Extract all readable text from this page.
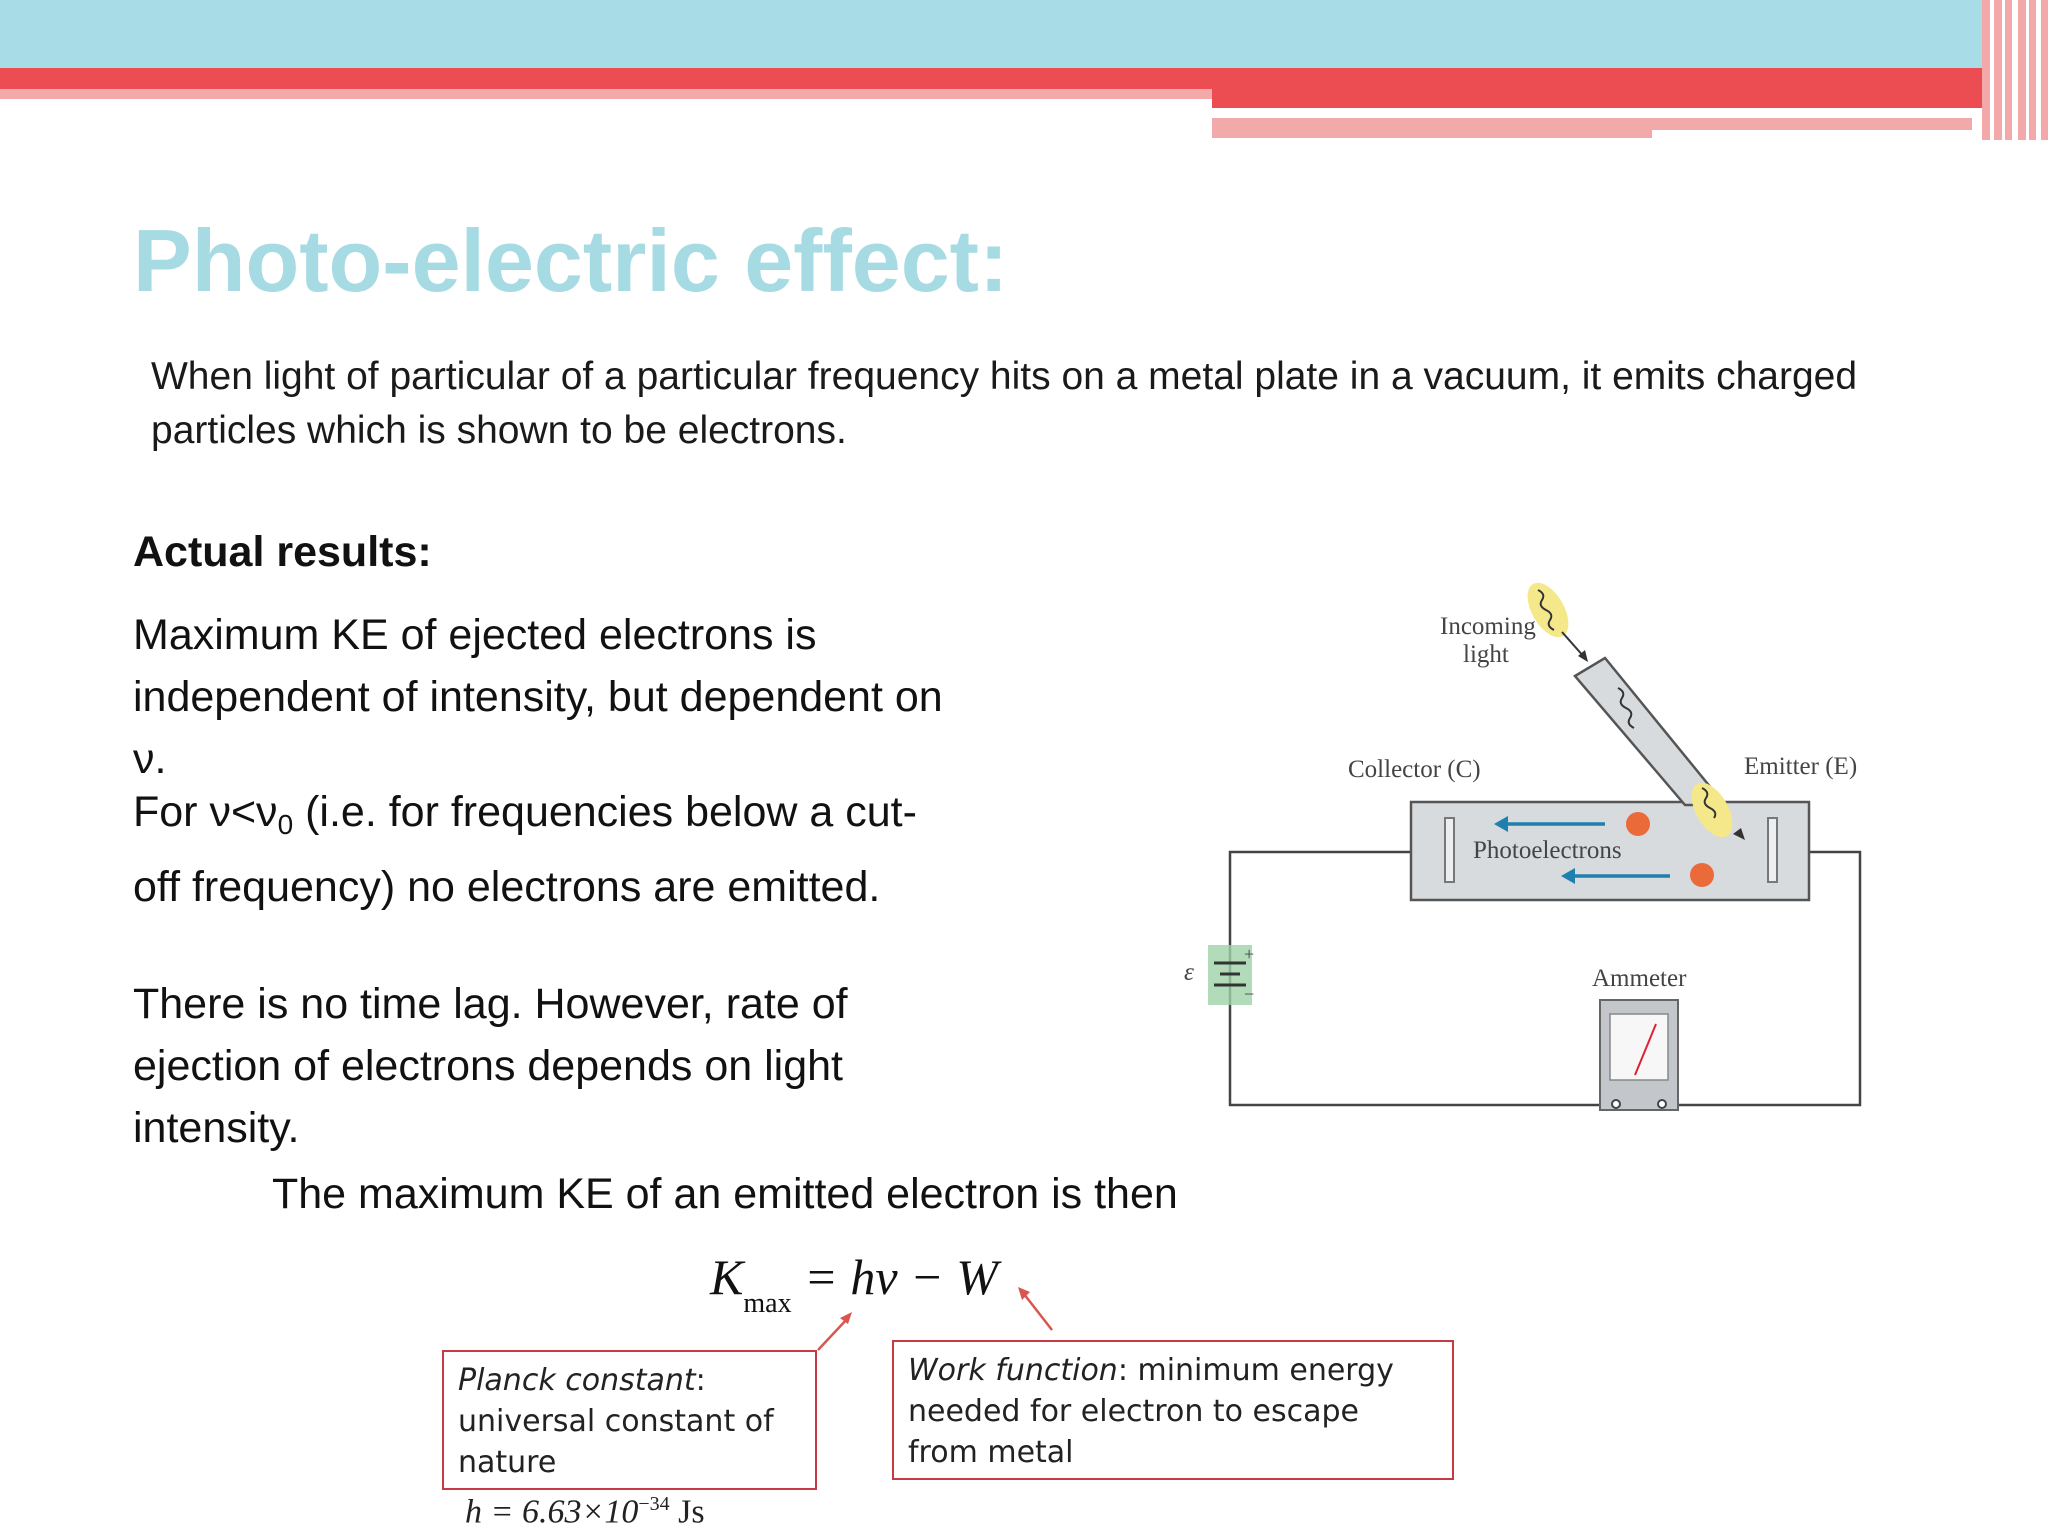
Photo-electric effect:
When light of particular of a particular frequency hits on a metal plate in a vacuum, it emits charged particles which is shown to be electrons.
Actual results:
Maximum KE of ejected electrons is independent of intensity, but dependent on ν.
For $\nu<\nu_0$ (i.e. for frequencies below a cut-off frequency) no electrons are emitted.
There is no time lag. However, rate of ejection of electrons depends on light intensity.
The maximum KE of an emitted electron is then
$K_{max} = h\nu - W$
Planck constant: universal constant of nature
$h = 6.63\times 10^{-34}$ Js
Work function: minimum energy needed for electron to escape from metal
+
−
ε
Incoming
light
Collector (C)	Emitter (E)
Photoelectrons
Ammeter
